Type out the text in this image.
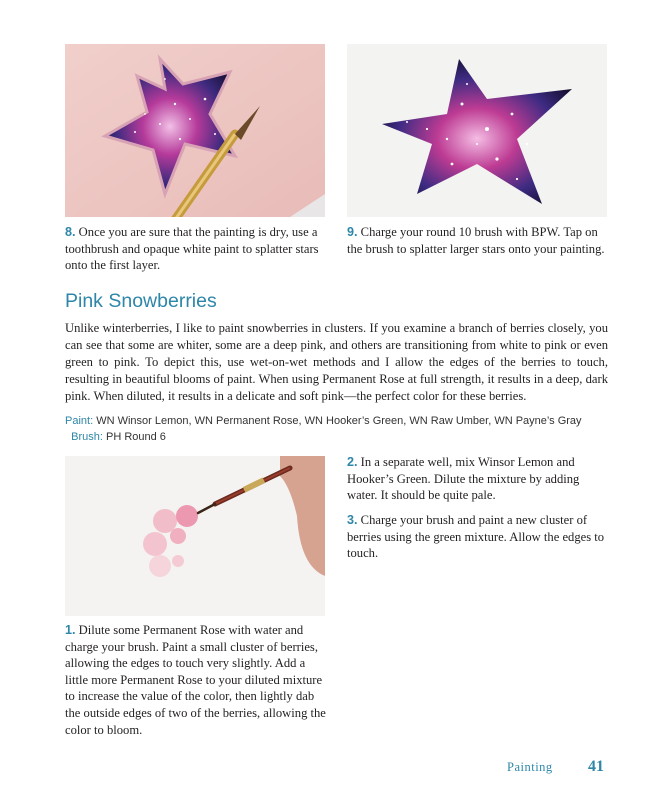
8. Once you are sure that the painting is dry, use a toothbrush and opaque white paint to splatter stars onto the first layer.
9. Charge your round 10 brush with BPW. Tap on the brush to splatter larger stars onto your painting.
Pink Snowberries
Unlike winterberries, I like to paint snowberries in clusters. If you examine a branch of berries closely, you can see that some are whiter, some are a deep pink, and others are transitioning from white to pink or even green to pink. To depict this, use wet-on-wet methods and I allow the edges of the berries to touch, resulting in beautiful blooms of paint. When using Permanent Rose at full strength, it results in a deep, dark pink. When diluted, it results in a delicate and soft pink—the perfect color for these berries.
Paint: WN Winsor Lemon, WN Permanent Rose, WN Hooker’s Green, WN Raw Umber, WN Payne’s Gray   Brush: PH Round 6
1. Dilute some Permanent Rose with water and charge your brush. Paint a small cluster of berries, allowing the edges to touch very slightly. Add a little more Permanent Rose to your diluted mixture to increase the value of the color, then lightly dab the outside edges of two of the berries, allowing the color to bloom.
2. In a separate well, mix Winsor Lemon and Hooker’s Green. Dilute the mixture by adding water. It should be quite pale.
3. Charge your brush and paint a new cluster of berries using the green mixture. Allow the edges to touch.
Painting 41
